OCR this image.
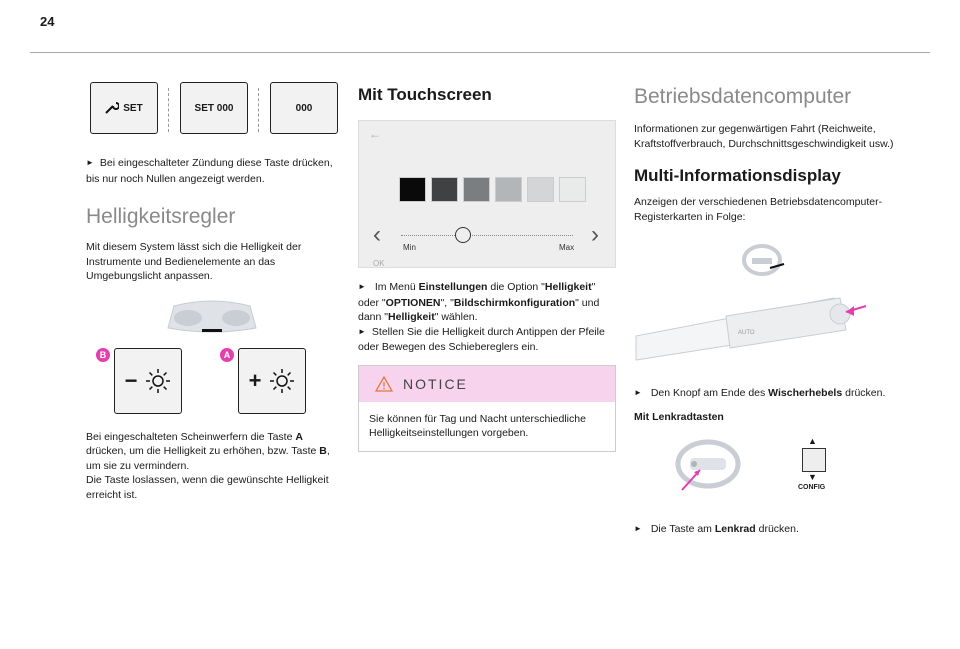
24
SET	SET 000	000

► Bei eingeschalteter Zündung diese Taste drücken, bis nur noch Nullen angezeigt werden.

Helligkeitsregler

Mit diesem System lässt sich die Helligkeit der Instrumente und Bedienelemente an das Umgebungslicht anpassen.

B
−
A
+

Bei eingeschalteten Scheinwerfern die Taste A drücken, um die Helligkeit zu erhöhen, bzw. Taste B, um sie zu vermindern.

Die Taste loslassen, wenn die gewünschte Helligkeit erreicht ist.

Mit Touchscreen
←
‹	›
Min	Max
OK

► Im Menü Einstellungen die Option "Helligkeit" oder "OPTIONEN", "Bildschirmkonfiguration" und dann "Helligkeit" wählen.

► Stellen Sie die Helligkeit durch Antippen der Pfeile oder Bewegen des Schiebereglers ein.

NOTICE

Sie können für Tag und Nacht unterschiedliche Helligkeitseinstellungen vorgeben.

Betriebsdatencomputer

Informationen zur gegenwärtigen Fahrt (Reichweite, Kraftstoffverbrauch, Durchschnittsgeschwindigkeit usw.)

Multi-Informationsdisplay

Anzeigen der verschiedenen Betriebsdatencomputer-Registerkarten in Folge:

AUTO

► Den Knopf am Ende des Wischerhebels drücken.

Mit Lenkradtasten

▲
▼
CONFIG

► Die Taste am Lenkrad drücken.
